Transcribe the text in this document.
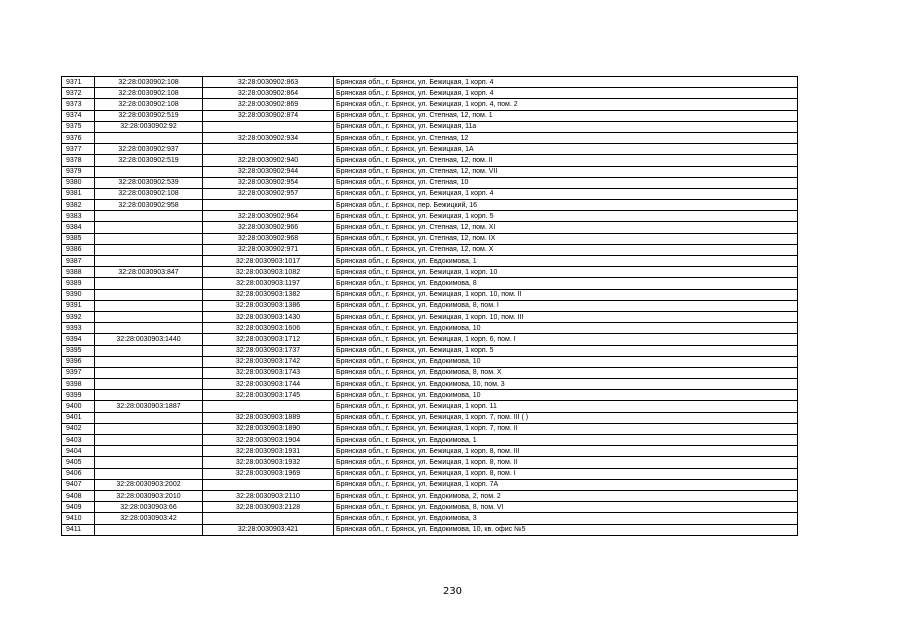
9371	32:28:0030902:108	32:28:0030902:863	Брянская обл., г. Брянск, ул. Бежицкая, 1 корп. 4
9372	32:28:0030902:108	32:28:0030902:864	Брянская обл., г. Брянск, ул. Бежицкая, 1 корп. 4
9373	32:28:0030902:108	32:28:0030902:869	Брянская обл., г. Брянск, ул. Бежицкая, 1 корп. 4, пом. 2
9374	32:28:0030902:519	32:28:0030902:874	Брянская обл., г. Брянск, ул. Степная, 12, пом. 1
9375	32:28:0030902:92		Брянская обл., г. Брянск, ул. Бежицкая, 11а
9376		32:28:0030902:934	Брянская обл., г. Брянск, ул. Степная, 12
9377	32:28:0030902:937		Брянская обл., г. Брянск, ул. Бежицкая, 1А
9378	32:28:0030902:519	32:28:0030902:940	Брянская обл., г. Брянск, ул. Степная, 12, пом. II
9379		32:28:0030902:944	Брянская обл., г. Брянск, ул. Степная, 12, пом. VII
9380	32:28:0030902:539	32:28:0030902:954	Брянская обл., г. Брянск, ул. Степная, 10
9381	32:28:0030902:108	32:28:0030902:957	Брянская обл., г. Брянск, ул. Бежицкая, 1 корп. 4
9382	32:28:0030902:958		Брянская обл., г. Брянск, пер. Бежицкий, 16
9383		32:28:0030902:964	Брянская обл., г. Брянск, ул. Бежицкая, 1 корп. 5
9384		32:28:0030902:966	Брянская обл., г. Брянск, ул. Степная, 12, пом. XI
9385		32:28:0030902:968	Брянская обл., г. Брянск, ул. Степная, 12, пом. IX
9386		32:28:0030902:971	Брянская обл., г. Брянск, ул. Степная, 12, пом. X
9387		32:28:0030903:1017	Брянская обл., г. Брянск, ул. Евдокимова, 1
9388	32:28:0030903:847	32:28:0030903:1082	Брянская обл., г. Брянск, ул. Бежицкая, 1 корп. 10
9389		32:28:0030903:1197	Брянская обл., г. Брянск, ул. Евдокимова, 8
9390		32:28:0030903:1382	Брянская обл., г. Брянск, ул. Бежицкая, 1 корп. 10, пом. II
9391		32:28:0030903:1386	Брянская обл., г. Брянск, ул. Евдокимова, 8, пом. I
9392		32:28:0030903:1430	Брянская обл., г. Брянск, ул. Бежицкая, 1 корп. 10, пом. III
9393		32:28:0030903:1606	Брянская обл., г. Брянск, ул. Евдокимова, 10
9394	32:28:0030903:1440	32:28:0030903:1712	Брянская обл., г. Брянск, ул. Бежицкая, 1 корп. 6, пом. I
9395		32:28:0030903:1737	Брянская обл., г. Брянск, ул. Бежицкая, 1 корп. 5
9396		32:28:0030903:1742	Брянская обл., г. Брянск, ул. Евдокимова, 10
9397		32:28:0030903:1743	Брянская обл., г. Брянск, ул. Евдокимова, 8, пом. X
9398		32:28:0030903:1744	Брянская обл., г. Брянск, ул. Евдокимова, 10, пом. 3
9399		32:28:0030903:1745	Брянская обл., г. Брянск, ул. Евдокимова, 10
9400	32:28:0030903:1887		Брянская обл., г. Брянск, ул. Бежицкая, 1 корп. 11
9401		32:28:0030903:1889	Брянская обл., г. Брянск, ул. Бежицкая, 1 корп. 7, пом. III ( )
9402		32:28:0030903:1890	Брянская обл., г. Брянск, ул. Бежицкая, 1 корп. 7, пом. II
9403		32:28:0030903:1904	Брянская обл., г. Брянск, ул. Евдокимова, 1
9404		32:28:0030903:1931	Брянская обл., г. Брянск, ул. Бежицкая, 1 корп. 8, пом. III
9405		32:28:0030903:1932	Брянская обл., г. Брянск, ул. Бежицкая, 1 корп. 8, пом. II
9406		32:28:0030903:1969	Брянская обл., г. Брянск, ул. Бежицкая, 1 корп. 8, пом. I
9407	32:28:0030903:2002		Брянская обл., г. Брянск, ул. Бежицкая, 1 корп. 7А
9408	32:28:0030903:2010	32:28:0030903:2110	Брянская обл., г. Брянск, ул. Евдокимова, 2, пом. 2
9409	32:28:0030903:66	32:28:0030903:2128	Брянская обл., г. Брянск, ул. Евдокимова, 8, пом. VI
9410	32:28:0030903:42		Брянская обл., г. Брянск, ул. Евдокимова, 3
9411		32:28:0030903:421	Брянская обл., г. Брянск, ул. Евдокимова, 10, кв. офис №5
230
